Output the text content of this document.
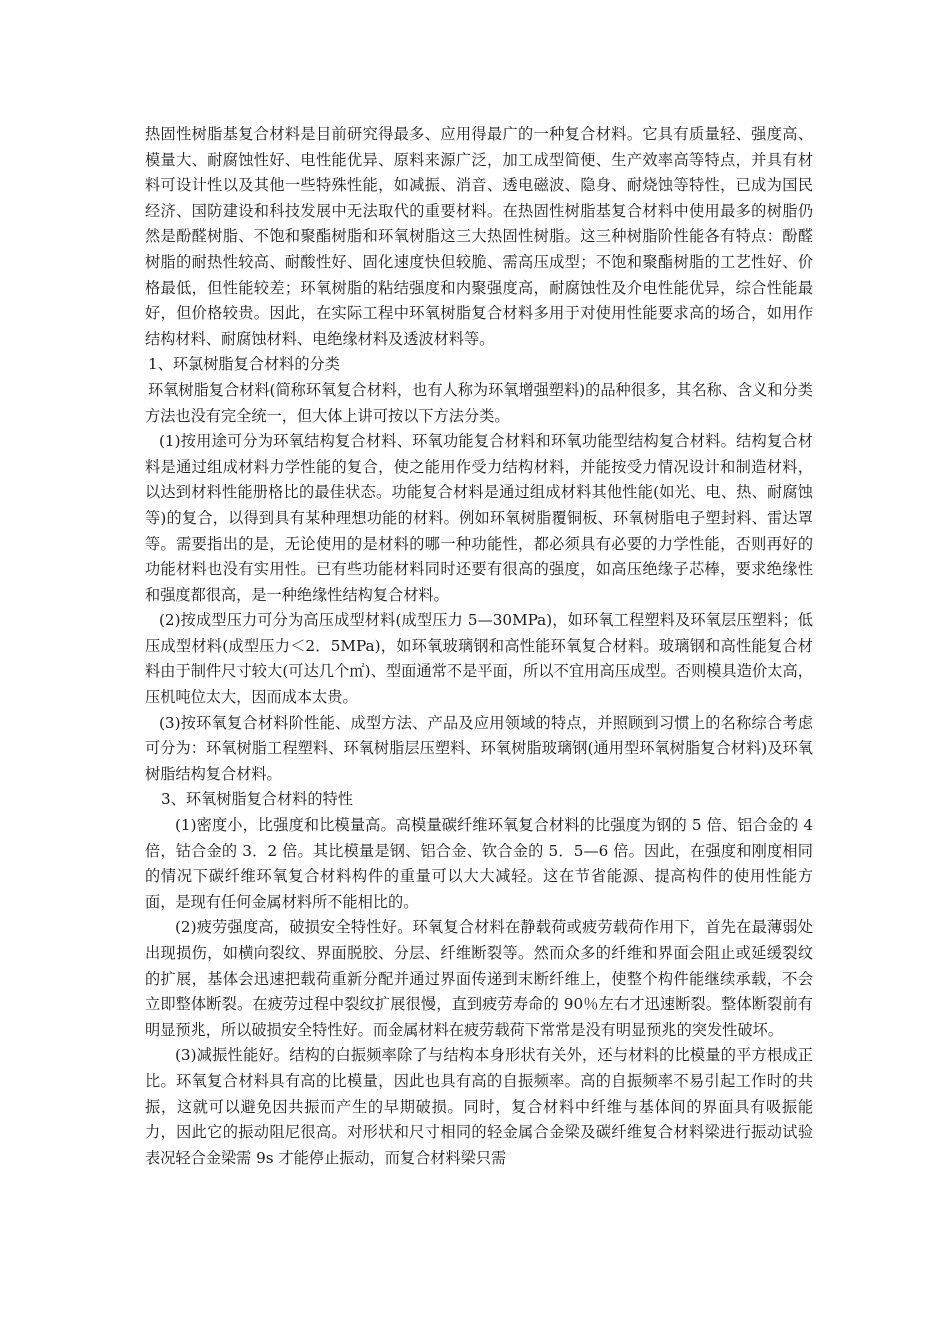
热固性树脂基复合材料是目前研究得最多、应用得最广的一种复合材料。它具有质量轻、强度高、模量大、耐腐蚀性好、电性能优异、原料来源广泛，加工成型简便、生产效率高等特点，并具有材料可设计性以及其他一些特殊性能，如减振、消音、透电磁波、隐身、耐烧蚀等特性，已成为国民经济、国防建设和科技发展中无法取代的重要材料。在热固性树脂基复合材料中使用最多的树脂仍然是酚醛树脂、不饱和聚酯树脂和环氧树脂这三大热固性树脂。这三种树脂阶性能各有特点：酚醛树脂的耐热性较高、耐酸性好、固化速度快但较脆、需高压成型；不饱和聚酯树脂的工艺性好、价格最低，但性能较差；环氧树脂的粘结强度和内聚强度高，耐腐蚀性及介电性能优异，综合性能最好，但价格较贵。因此，在实际工程中环氧树脂复合材料多用于对使用性能要求高的场合，如用作结构材料、耐腐蚀材料、电绝缘材料及透波材料等。

1、环氯树脂复合材料的分类

环氧树脂复合材料(简称环氧复合材料，也有人称为环氧增强塑料)的品种很多，其名称、含义和分类方法也没有完全统一，但大体上讲可按以下方法分类。

(1)按用途可分为环氧结构复合材料、环氧功能复合材料和环氧功能型结构复合材料。结构复合材料是通过组成材料力学性能的复合，使之能用作受力结构材料，并能按受力情况设计和制造材料，以达到材料性能册格比的最佳状态。功能复合材料是通过组成材料其他性能(如光、电、热、耐腐蚀等)的复合，以得到具有某种理想功能的材料。例如环氧树脂覆铜板、环氧树脂电子塑封料、雷达罩等。需要指出的是，无论使用的是材料的哪一种功能性，都必须具有必要的力学性能，否则再好的功能材料也没有实用性。已有些功能材料同时还要有很高的强度，如高压绝缘子芯棒，要求绝缘性和强度都很高，是一种绝缘性结构复合材料。

(2)按成型压力可分为高压成型材料(成型压力 5—30MPa)，如环氧工程塑料及环氧层压塑料；低压成型材料(成型压力＜2．5MPa)，如环氧玻璃钢和高性能环氧复合材料。玻璃钢和高性能复合材料由于制件尺寸较大(可达几个㎡)、型面通常不是平面，所以不宜用高压成型。否则模具造价太高，压机吨位太大，因而成本太贵。

(3)按环氧复合材料阶性能、成型方法、产品及应用领域的特点，并照顾到习惯上的名称综合考虑可分为：环氧树脂工程塑料、环氧树脂层压塑料、环氧树脂玻璃钢(通用型环氧树脂复合材料)及环氧树脂结构复合材料。

3、环氧树脂复合材料的特性

(1)密度小，比强度和比模量高。高模量碳纤维环氧复合材料的比强度为钢的 5 倍、铝合金的 4 倍，钴合金的 3．2 倍。其比模量是钢、铝合金、钦合金的 5．5—6 倍。因此，在强度和刚度相同的情况下碳纤维环氧复合材料构件的重量可以大大减轻。这在节省能源、提高构件的使用性能方面，是现有任何金属材料所不能相比的。

(2)疲劳强度高，破损安全特性好。环氧复合材料在静载荷或疲劳载荷作用下，首先在最薄弱处出现损伤，如横向裂纹、界面脱胶、分层、纤维断裂等。然而众多的纤维和界面会阻止或延缓裂纹的扩展，基体会迅速把载荷重新分配并通过界面传递到末断纤维上，使整个构件能继续承载，不会立即整体断裂。在疲劳过程中裂纹扩展很慢，直到疲劳寿命的 90％左右才迅速断裂。整体断裂前有明显预兆，所以破损安全特性好。而金属材料在疲劳载荷下常常是没有明显预兆的突发性破坏。

(3)减振性能好。结构的白振频率除了与结构本身形状有关外，还与材料的比模量的平方根成正比。环氧复合材料具有高的比模量，因此也具有高的自振频率。高的自振频率不易引起工作时的共振，这就可以避免因共振而产生的早期破损。同时，复合材料中纤维与基体间的界面具有吸振能力，因此它的振动阻尼很高。对形状和尺寸相同的轻金属合金梁及碳纤维复合材料梁进行振动试验表况轻合金梁需 9s 才能停止振动，而复合材料梁只需
